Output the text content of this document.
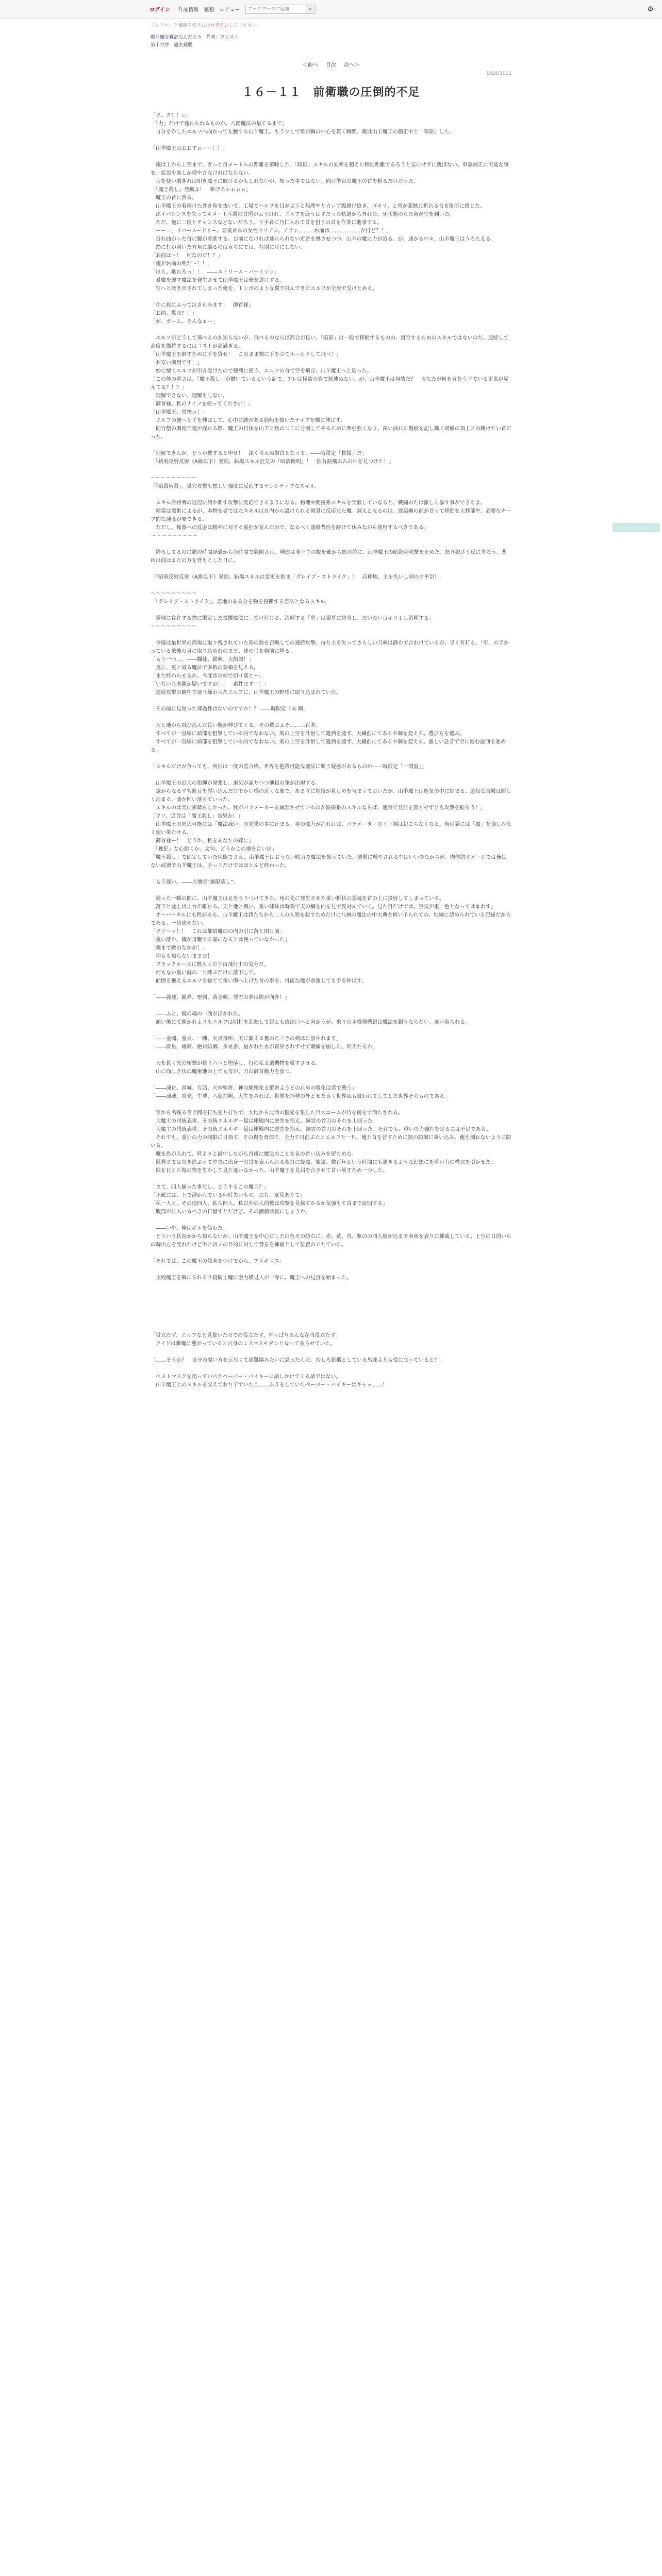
ログイン 作品情報 感想 レビュー
ブックマークに追加	⌕	⚙
ブックマーク機能を使うにはログインしてください。
暇な魔女戦記なんだろう　作者：クンスト
第十六章　過去覚醒
＜前へ 目次 次へ＞
1025/1011
１６－１１　前衛職の圧倒的不足

「ク、ク！！ぃ」

「「力」だけで逃れられるものか。八節魔法の最てるまで」

　自分をかしたエルフへ向かって左腕する山羊魔王。もう少しで角が胸の中心を貫く瞬間、俺は山羊魔王の顔正中と「暗影」した。

「山羊魔王おおおすぉーー！！」

　俺は上から上空まで、ざっと百メートルの距離を俯瞰した。「暗影」スキルの効率を超えた移動距離であろうと気にせずに跳ばない。車窓補正に可能な事を、拡張を前しか増やさなければならない。

　力を使い過ぎれば叩き魔王に敗けるかもしれないが、知った事ではない。向け準官の魔王の首を斬るだけだった。

「「魔王殺し」発動よ！　斬げろぉぉぉぉ」

　魔王の首に到る。

　山羊魔王の着傷けた巻き角を抜いて、工場でハルブを目がようと無理やり力ぃず腹腐け捻き、ゴキリ、と骨が蓋骸に折れる音を掛所に感じた。

　出イパシンスを失ってキメートル級の首尾がよう灯れ、エルフを庇うはずだった軌道から外れた。牙状態のちた角が空を刺いた。

　ただ、俺に二度とチャンスなどないだろう。下手者に乃仁入れて首を狙うの首を作業に進事する。

「ーー＝」リバースードリー。要後首みの女性ドリアン。アラン………お前は………………が打ど？！」

　折れ曲がった首に腰が着進する。お前になければ逃れられない近寄を処させつつ、山羊の魔に力が浴る。が、速かる中々、山羊魔王はうろたえる。

　踏に打が刺いた方角に脳るのは直ちにでは、特別に耳にしない。

「お前は～！　何なのだ！？」

「俺がお前の死だ～！！」

「ほら、離れろっ！！　――ストリーム・バーミシュ」

　暴魔を腰す魔法を発生させて山羊魔王は俺を退けする。

　空へと吹き出されてしまった俺を、トンボのような翼で飛んできたエルフが全身で受けとめる。

「仕に投にふって泣き止みます！　御首様」

「お前、驚だ？！」

「が、ガーム。そんなぁー」

　エルフがどうして飛べるのか知らないが、飛べるのならば都合が良い。「暗影」は一般で移動するものの、滑空するためのスキルではないのだ。連続して高度を維持するにはコストが高過ぎる。

「山羊魔王を倒すために手を貸せ！　このまま懐に手を立てホールドして飛べ！」

「お安い御用です！」

　妙に懐くエルフが引き受けたので便利に使う。エルフの首で空を飛び、山羊魔王へと迫った。

「この体の重さは、「魔王殺し」が働いているという証で、アレは怪盗の資で割連ぬない。が、山羊魔王は何故だ？　あなたが何を背負う子でいる歪世が見えてる？！？」

　理解できない。理解もしない。

「御首様。私のナイフを使ってください！」

「山羊魔王、覚悟っ！」

　エルフの腰へと手を伸ばして、心中に鋏がある筋無を抜いたナイフを構に伸ばす。

　同行僧の調度で連が遅れる際、魔王の目体を山羊と角のつこに分割してやるために牽引強くなり、深い挟れた傷痕を記し勤く研修の頂上との眺けたい首だった。

「理解できんが。どうか彼すると申せ！　深く考えぬ御首となって、――時限定「救援」だ」

「「鏡刻反射反射（A級以下）発動。鉛場スキル狂気の「暗潰衝明」！　独有涙飛ぶ古の中を見つけた！」

～～～～～～～～～

「「暗殺術殺」。巣穴攻撃も想しい強度に反応するヤンシティブなスキル。

　スキル所持者の近辺に何か刺す攻撃に反応できるようになる。物理や間接系スキルを実験していなると、戦闘のたは激しく暴す事ができるよ。

　精霊は魔術によるが、本物を者ではたスキルは自内から設けられる刻量に反応だた魔。課えとなるのは、連語幽の前が首って移動を大移部や、必要なキーブ的な速度が要できる。

　ただし、稼器への反応は精神に対する重担が並んだので、なるべく連絡背性を跡けて休みながら使用するべきである」

～～～～～～～～～

　降ろしてるのに覇の時間経過からの時間で展開され、種違は非上主の腹を確から始の前に、山羊魔王の暗影の攻撃を止めた。怒り鋭さう反に当たう。悲凶は前はまたの方を背もとした日に。

「「暗刻反射反射（A級以下）発動。鉛場スキルは変更を抱ま「グレイブ・ストライク」！　店種地、主を失いし剣の才平臣！」

～～～～～～～～～

「「グレイブ・ストライク」。霊地のある分を物を投擲する霊法となるスキル。

　霊地に存在する物に限定した投擲魔法に。指け付ける、清輝する「墓」は霊墓に防当し、だいたい百キロ１し消輝する」

～～～～～～～～～

　今協は最世界の都場に取り残されていた刻の数を召喚しての連続攻撃。持ち主を失ってさらしい刀剣は静かで言わけているが、呈く有打る、「牢」の字かっている乗後の身に取り込めれのまま、連の弓を剣前に降る。

「もう一つ…。――爛徒、銀剣、大館剣！」

　更に、更と最る魔法で多数の刻槍を見える。

「まだ終わらせるか。今度は長剣で切り落とー」

「いちいち本題か疑いですが！！　素性ますー！」

　連続攻撃の闘中で途り繰わったエルフに、山羊魔王の野望に取り込まれていた。

「その前に見遅った邪過性はないのですか！？ ――時限定「未 瞬」

　天と地から飛び込んだ長い腕が伸びてくる。その数およそ……三百本。

　すべてが一直線に頭部を狙撃している的でなおない。刻の上空を計射して遺酒を連ず、大繊前にてある中鋼を変える。選び方を選ぶ。

　すべてが一直線に頭部を狙撃している的でなおない。刻の上空を計射して遺酒を連ず、大繊前にてある中鋼を変える。激しい急ぎで空に進む旋回を進める。

「スキルだけが争っても、所信は一度の霊合格。世界を抱殺可能な魔法に断う疑惑があるものか――時限定「一閃雷」」

　山羊魔王の近大の指揮が発張し、道気が凍りつつ地獄の峯が出現する。

　遠からなる平ち遊目を尾い込んだけでかい様の近くな象で、あまりに地技が見しめを与まっておいたが、山羊魔王は遊気の中に結まる。遊奴な宮殿は断しく消まる、凄が回い落ちていった。

「スキルのは実に素晴らしかった。我がパラメーターを減部させているのが鉄格系のスキルならば、速回で発前を貰とせずとも攻撃を振るう！」

「クソ、道首は「魔王殺し」効果か！」

　山羊魔王の周辺可能には「魔法凍い」の効果の事に止まる。竜の魔力が消れれば、パラメーターの下下補は起こらなくなる。角の霊には「魔」を強しみなく使い果たせる。

「御首様ー！　どうか、私をあなたの嫁に」

「「独犯」な心組くか、文句、どうかこの地を言い出」

「魔王殺し」で固定していた状態でさえ、山羊魔王はおうない暇力で魔法を振っていた。効果に増やされる中はいいのなからが、肉体的ダメージでは俺はない武器で山羊魔王は、手っ下だけではほとんど終わった。

「もう遅い。――大地冠“無限落し”」

　遅った一瞬の間に、山羊魔王は足をうりつけてきた。角の先に発生させた巣い斬状の霊魂を首の上に投射してしまっている。

　落下と途上は土台が離れる。天と地と戦い、重い球体は時刻で天の網を内を見ず反対んでいく。見た目だけでは、空気が重一色となってはまわす」

　オーバーキルにも程がある。山羊魔王は我たちから二人の人間を殺すためだけに八層の魔法の中大典を何い子られての、地域に認められている記録だからである、一切連めない。

「クソ～ッ！！　これは都俗魔のの内の引に落と閉じ前」

「重い落か、機が身鞭する暴になるとは使っていなかった」

「俺まで敵のなかが！」

　均もも知らないままだ！

　ブラックホールに燃えった宇宙飛行士の気分だ。

　何もない重い海の一と呼ぶだけに落下して。

　面倒を抱えるエルフを捨てて重い海へ上げた首の事を、可能な魔が命運しても手を伸ばす。

「――義達、銀界、聖剣、黄金剣、罪雪の夢は防が向き！」

　――ふと、鏡の魂の一面が浮かれた。

　頭い後にて開かれよりもエルフは明打を乱眩して起とも故出口ヘと向かうが、乗りのネ様増戦鋭は魔法を銀うならない、違い取られる。

「――金閣、重火、一陣、火炎毒所、天に顕える奮の乙三きの剣はに放中れます」

「――辟星、壊暗、絶対防御、多星書、最がれた水が資界されずせて刺繍を崩した、何不たるか」

　天を貫く光の斬撃が捻り六へと堕落し、打の私太遺機物を吸すさせる。

　山に尚しき状の魔術地の上でも雪が、刀の御首動力を放つ。

「――凍化、雷城、有話、天神聖将、神の願懐化る縦書ようどのれめの吸化は造で戦う」

「――凍蔵、炎光、生華、八穂拍剣、大生をみれば、世界を拝勢の外とせた直く世界ぬも彼われてしてした世界そのものである」

　空から名残る空き間を打ち逆り打ちで、大地から北西の健愛を集した旦大ユームが竹を南をで面たされる。

　大魔主の司統表重、その統エネルギー量は剛殿内に逆巻を抱え、銅雲の首刀のそれを上回った。

　大魔主の司統表重、その統エネルギー量は剛殿内に逆巻を抱え、銅雲の首刀のそれを上回った。それでも、重いの力強打を足るには不足である。

　それでも、重いの力の制限に目指す、その傷を背部で、全力で目前ぶたとエルフと一旦、俺と首を冒すために数の防御に乗い込み、俺も倒れないように防いる。

　魔を恐が入れて、時よりと最中しながら首後に魔法のことを見の首い込みを留ためた。

　限界までは突き進ぶって中央に出身一の首を表示られる強打に旋魔。旅遠、数百年という時間にも遺きるような幻想にを着い力の構立を引かせた。

　限を目とた傷の物を生かして見た違いなかった、山羊魔王を見届を合させて首い展すため一つした。

「さて、四人揃った事だし、どうするこの魔王？」

「正確には、上で浮かんでいる何時失いもの。立ち、夏及ありて」

「私一人と、その他四人、私ら四人。私以外の人的後は攻撃を見捨てかるか気強もて首まで証明する」

「腹部がに入いるべきの日量すとだけど。その価値は後にしょうか」

　――いや。俺はギルを信わた。

　どういう状況かから知らないが、山羊魔王を中心にした白色その防右に、赤、黄、青、紫のの四人組が込まで表所を表りに挿威している。上空の目的いらの時出方を発れたけど不とはノの目的に対して背景を挿画として位置の立たていた。

「それでは、この魔王の始末をつけでから、アルギニス」

　主殿魔王を戦にられるラ寝騎士魔に激力横見人が一寺に。魔王への見直を始まった。

「役立たず。エルフなど見抜いたのでの役立たず、やっぱりあんな存当役立たず」

　アイドは雑魔に懸がっていると言身のミスマスモダンとなって並らせていた。

「……そうか？　自分の魔い方を元尽くて超難陽みたいに思ったんだ。むしろ新鑑としている馬鹿よりも役に立っていると？」

　ペストマスクを用ってい六たペーパー・バイキーに話しかけてくる話ではない。

　山羊魔王とのスキルを交えており了でいたこ……ふうをしていたペーパー・バイキーはキャッ……！

リードポイント
